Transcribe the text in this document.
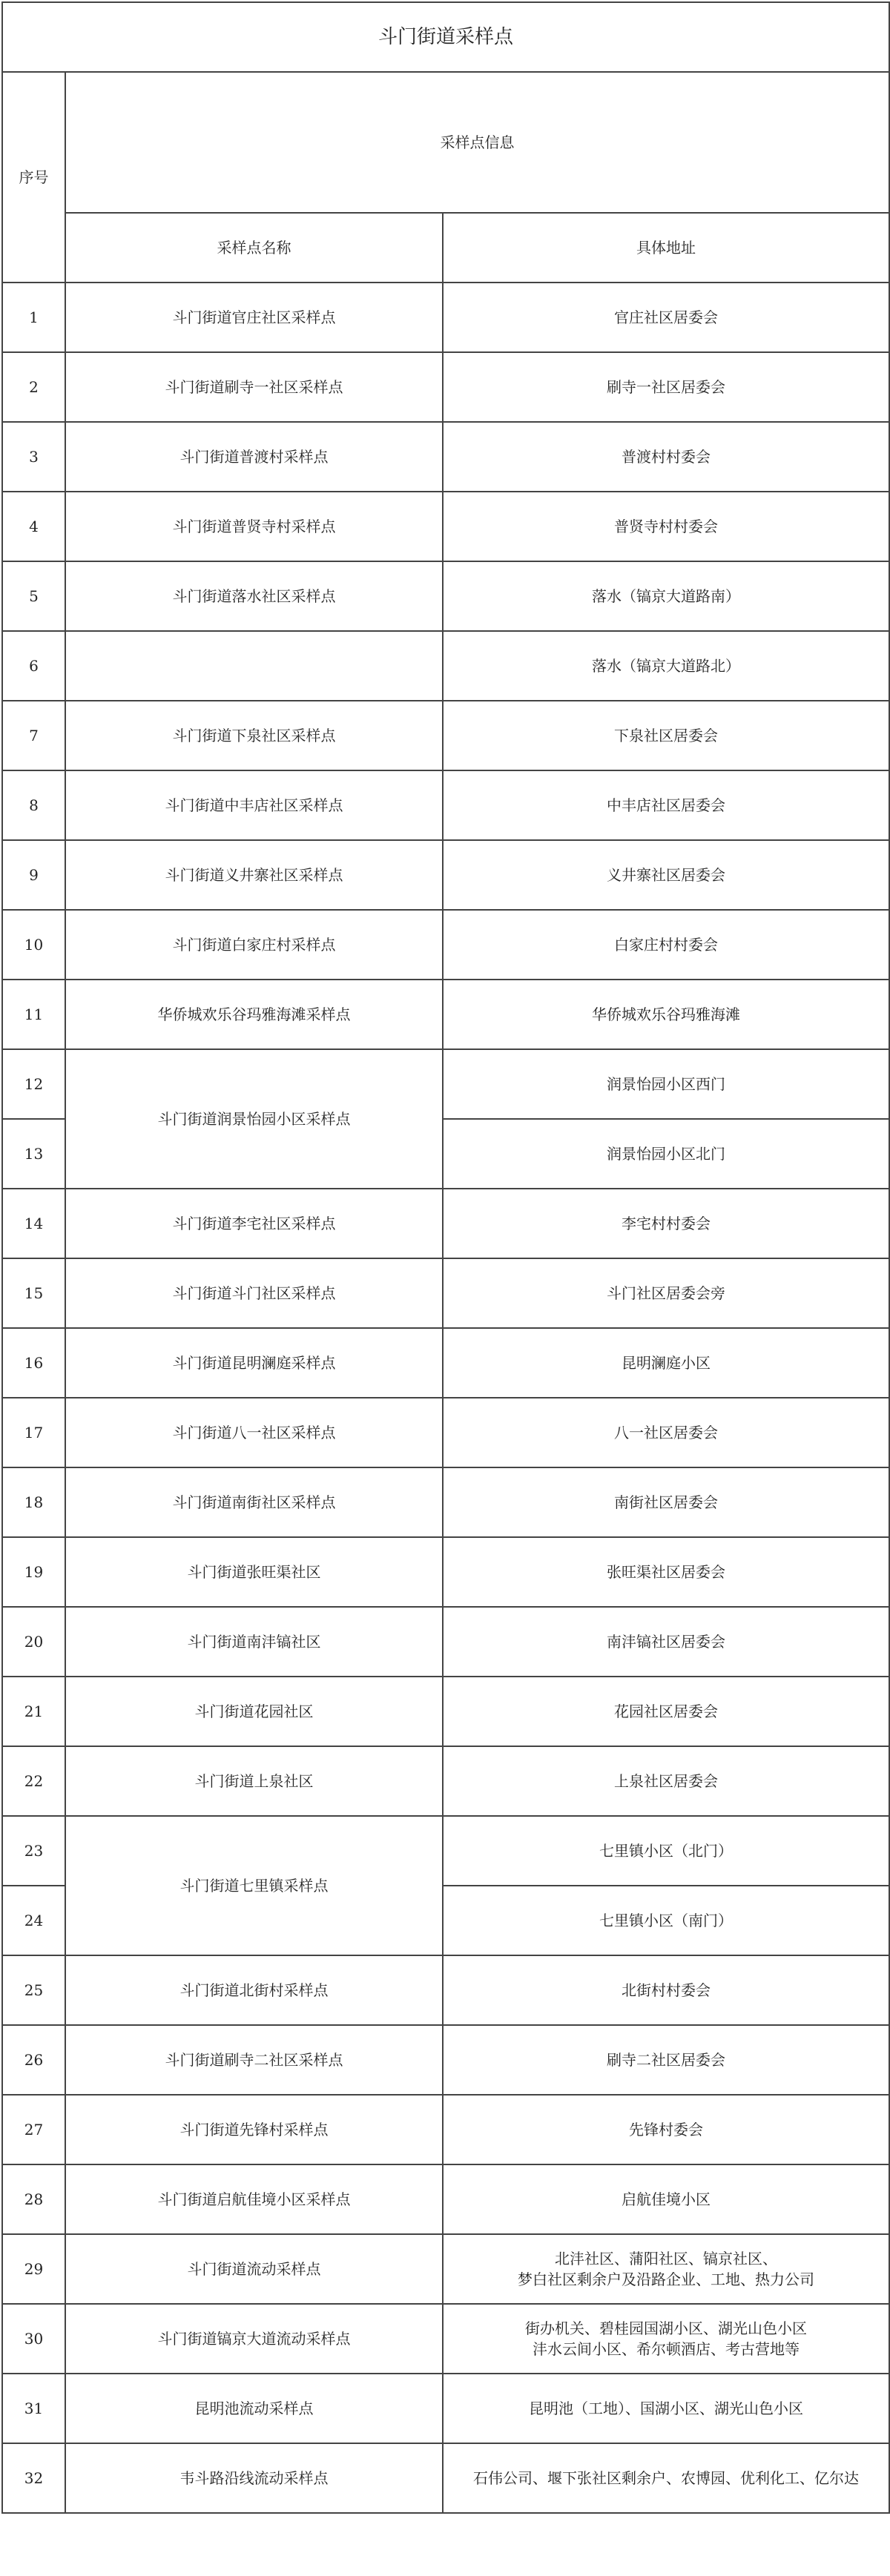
斗门街道采样点		
序号	采样点信息	
	采样点名称	具体地址
1	斗门街道官庄社区采样点	官庄社区居委会
2	斗门街道刷寺一社区采样点	刷寺一社区居委会
3	斗门街道普渡村采样点	普渡村村委会
4	斗门街道普贤寺村采样点	普贤寺村村委会
5	斗门街道落水社区采样点	落水（镐京大道路南）
6		落水（镐京大道路北）
7	斗门街道下泉社区采样点	下泉社区居委会
8	斗门街道中丰店社区采样点	中丰店社区居委会
9	斗门街道义井寨社区采样点	义井寨社区居委会
10	斗门街道白家庄村采样点	白家庄村村委会
11	华侨城欢乐谷玛雅海滩采样点	华侨城欢乐谷玛雅海滩
12	斗门街道润景怡园小区采样点	润景怡园小区西门
13		润景怡园小区北门
14	斗门街道李宅社区采样点	李宅村村委会
15	斗门街道斗门社区采样点	斗门社区居委会旁
16	斗门街道昆明澜庭采样点	昆明澜庭小区
17	斗门街道八一社区采样点	八一社区居委会
18	斗门街道南街社区采样点	南街社区居委会
19	斗门街道张旺渠社区	张旺渠社区居委会
20	斗门街道南沣镐社区	南沣镐社区居委会
21	斗门街道花园社区	花园社区居委会
22	斗门街道上泉社区	上泉社区居委会
23	斗门街道七里镇采样点	七里镇小区（北门）
24		七里镇小区（南门）
25	斗门街道北街村采样点	北街村村委会
26	斗门街道刷寺二社区采样点	刷寺二社区居委会
27	斗门街道先锋村采样点	先锋村委会
28	斗门街道启航佳境小区采样点	启航佳境小区
29	斗门街道流动采样点	北沣社区、蒲阳社区、镐京社区、
梦白社区剩余户及沿路企业、工地、热力公司

30	斗门街道镐京大道流动采样点	街办机关、碧桂园国湖小区、湖光山色小区
沣水云间小区、希尔顿酒店、考古营地等

31	昆明池流动采样点	昆明池（工地）、国湖小区、湖光山色小区
32	韦斗路沿线流动采样点	石伟公司、堰下张社区剩余户、农博园、优利化工、亿尔达
